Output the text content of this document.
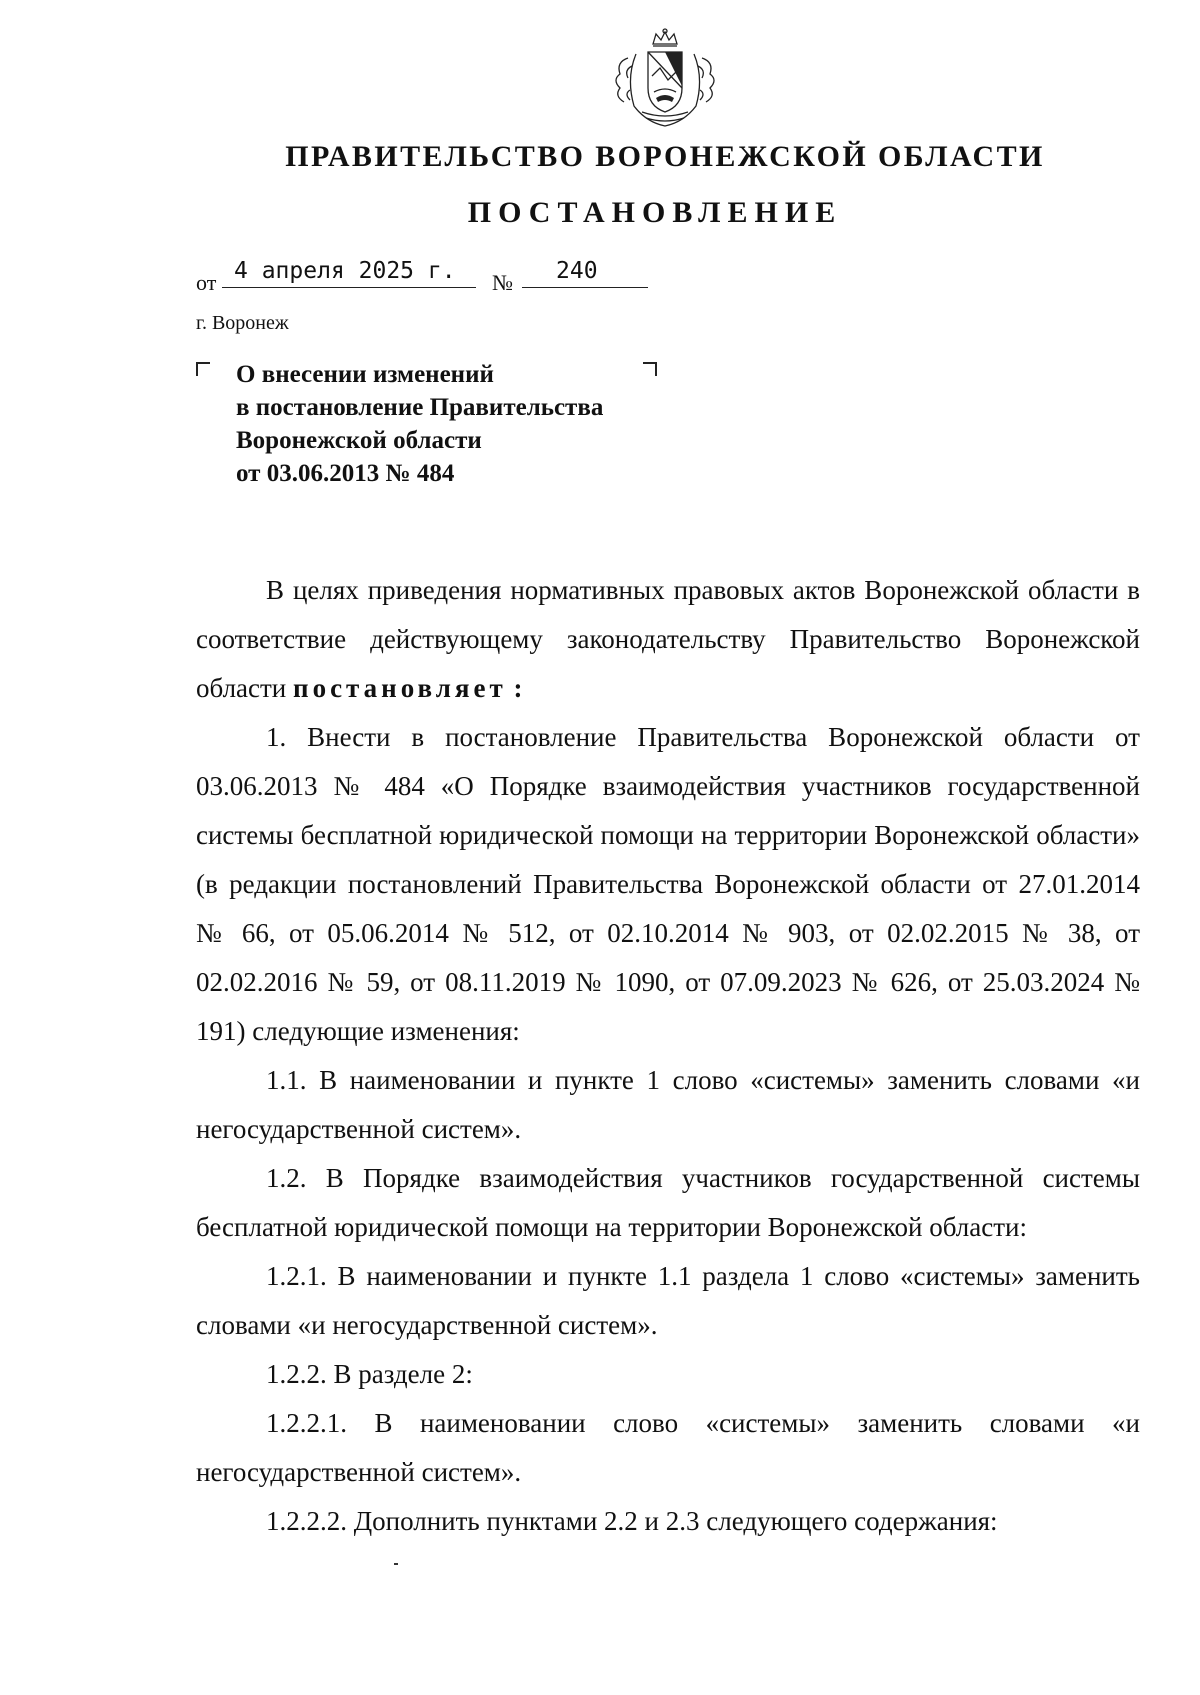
ПРАВИТЕЛЬСТВО ВОРОНЕЖСКОЙ ОБЛАСТИ
ПОСТАНОВЛЕНИЕ
от 4 апреля 2025 г.	№	240
г. Воронеж
О внесении изменений
в постановление Правительства
Воронежской области
от 03.06.2013 № 484

В целях приведения нормативных правовых актов Воронежской области в соответствие действующему законодательству Правительство Воронежской области постановляет :

1. Внести в постановление Правительства Воронежской области от 03.06.2013 № 484 «О Порядке взаимодействия участников государственной системы бесплатной юридической помощи на территории Воронежской области» (в редакции постановлений Правительства Воронежской области от 27.01.2014 № 66, от 05.06.2014 № 512, от 02.10.2014 № 903, от 02.02.2015 № 38, от 02.02.2016 № 59, от 08.11.2019 № 1090, от 07.09.2023 № 626, от 25.03.2024 № 191) следующие изменения:

1.1. В наименовании и пункте 1 слово «системы» заменить словами «и негосударственной систем».

1.2. В Порядке взаимодействия участников государственной системы бесплатной юридической помощи на территории Воронежской области:

1.2.1. В наименовании и пункте 1.1 раздела 1 слово «системы» заменить словами «и негосударственной систем».

1.2.2. В разделе 2:

1.2.2.1. В наименовании слово «системы» заменить словами «и негосударственной систем».

1.2.2.2. Дополнить пунктами 2.2 и 2.3 следующего содержания:
